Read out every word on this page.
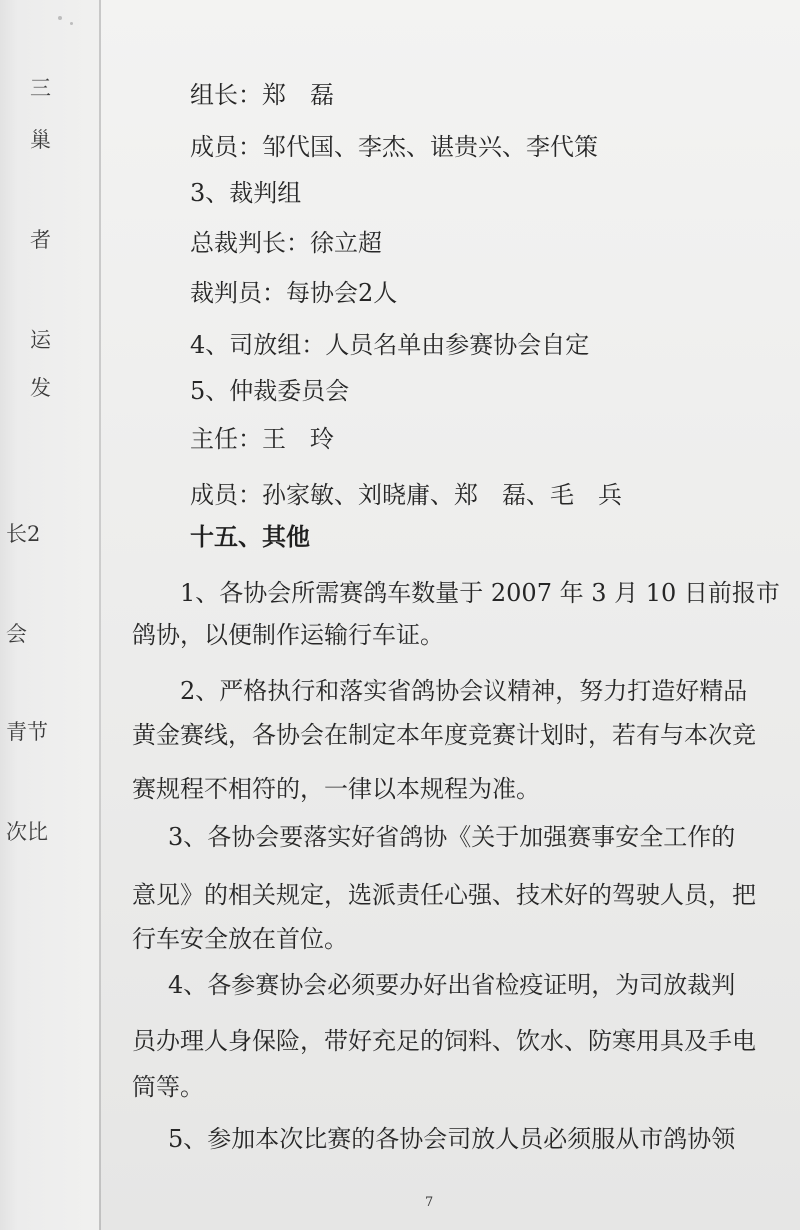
三
巢
者
运
发
长2
会
青节
次比
组长：郑　磊
成员：邹代国、李杰、谌贵兴、李代策
3、裁判组
总裁判长：徐立超
裁判员：每协会2人
4、司放组：人员名单由参赛协会自定
5、仲裁委员会
主任：王　玲
成员：孙家敏、刘晓庸、郑　磊、毛　兵
十五、其他
1、各协会所需赛鸽车数量于 2007 年 3 月 10 日前报市
鸽协，以便制作运输行车证。
2、严格执行和落实省鸽协会议精神，努力打造好精品
黄金赛线，各协会在制定本年度竞赛计划时，若有与本次竞
赛规程不相符的，一律以本规程为准。
3、各协会要落实好省鸽协《关于加强赛事安全工作的
意见》的相关规定，选派责任心强、技术好的驾驶人员，把
行车安全放在首位。
4、各参赛协会必须要办好出省检疫证明，为司放裁判
员办理人身保险，带好充足的饲料、饮水、防寒用具及手电
筒等。
5、参加本次比赛的各协会司放人员必须服从市鸽协领
7
